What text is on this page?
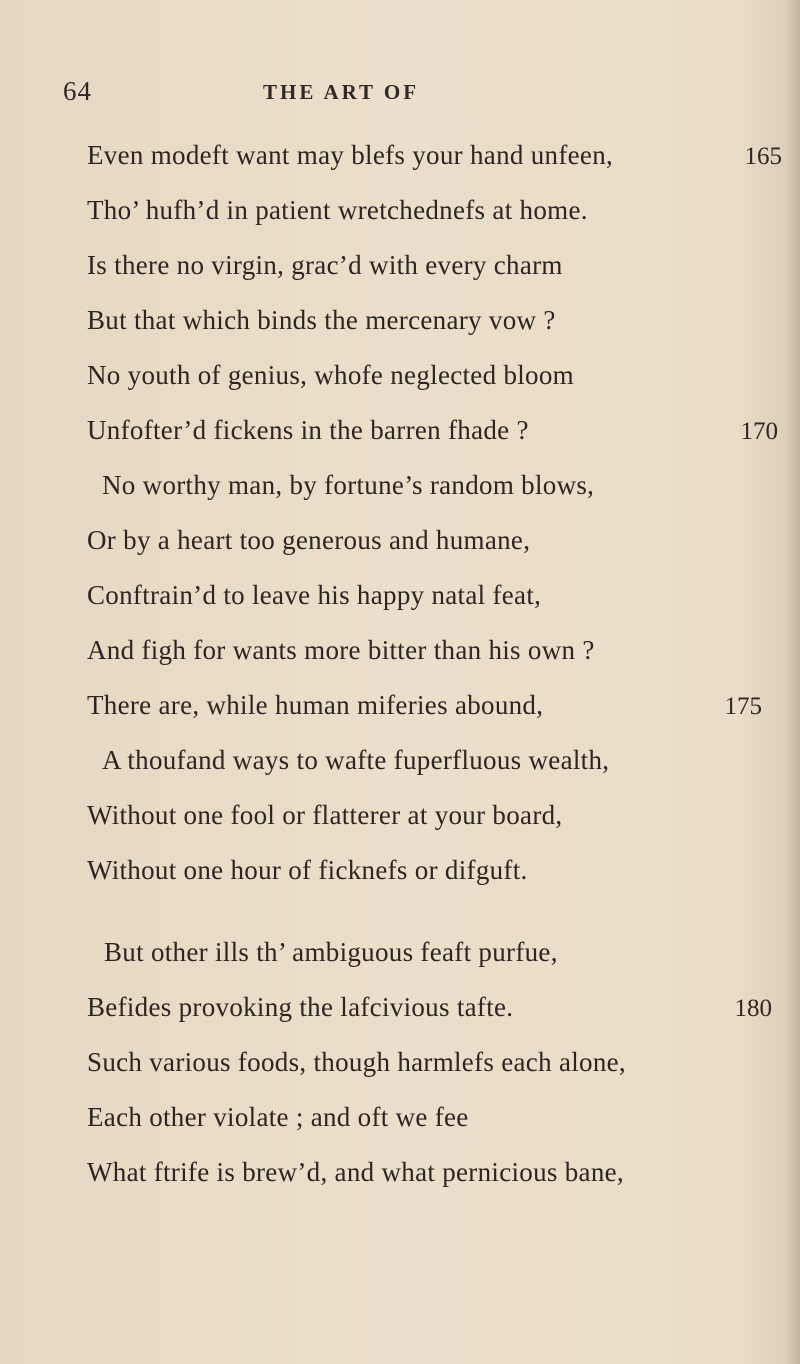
64	THE ART OF
Even modeft want may blefs your hand unfeen,
Tho’ hufh’d in patient wretchednefs at home.
Is there no virgin, grac’d with every charm
But that which binds the mercenary vow ?
No youth of genius, whofe neglected bloom
Unfofter’d fickens in the barren fhade ?
No worthy man, by fortune’s random blows,
Or by a heart too generous and humane,
Conftrain’d to leave his happy natal feat,
And figh for wants more bitter than his own ?
There are, while human miferies abound,
A thoufand ways to wafte fuperfluous wealth,
Without one fool or flatterer at your board,
Without one hour of ficknefs or difguft.
But other ills th’ ambiguous feaft purfue,
Befides provoking the lafcivious tafte.
Such various foods, though harmlefs each alone,
Each other violate ; and oft we fee
What ftrife is brew’d, and what pernicious bane,
165
170
175
180
